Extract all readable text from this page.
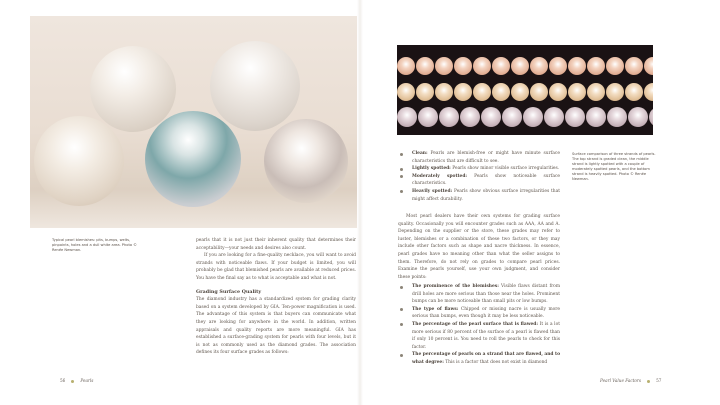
Typical pearl blemishes: pits, bumps, welts, pinpoints, holes and a dull white area. Photo © Renée Newman.

pearls that it is not just their inherent quality that determines their acceptability—your needs and desires also count.

If you are looking for a fine-quality necklace, you will want to avoid strands with noticeable flaws. If your budget is limited, you will probably be glad that blemished pearls are available at reduced prices. You have the final say as to what is acceptable and what is not.

Grading Surface Quality

The diamond industry has a standardized system for grading clarity based on a system developed by GIA. Ten-power magnification is used. The advantage of this system is that buyers can communicate what they are looking for anywhere in the world. In addition, written appraisals and quality reports are more meaningful. GIA has established a surface-grading system for pearls with four levels, but it is not as commonly used as the diamond grades. The association defines its four surface grades as follows:

56	Pearls
Surface comparison of three strands of pearls. The top strand is graded clean, the middle strand is lightly spotted with a couple of moderately spotted pearls, and the bottom strand is heavily spotted. Photo © Renée Newman.
Clean: Pearls are blemish-free or might have minute surface characteristics that are difficult to see.
Lightly spotted: Pearls show minor visible surface irregularities.
Moderately spotted: Pearls show noticeable surface characteristics.
Heavily spotted: Pearls show obvious surface irregularities that might affect durability.

Most pearl dealers have their own systems for grading surface quality. Occasionally you will encounter grades such as AAA, AA and A. Depending on the supplier or the store, these grades may refer to luster, blemishes or a combination of these two factors, or they may include other factors such as shape and nacre thickness. In essence, pearl grades have no meaning other than what the seller assigns to them. Therefore, do not rely on grades to compare pearl prices. Examine the pearls yourself, use your own judgment, and consider these points:

The prominence of the blemishes: Visible flaws distant from drill holes are more serious than those near the holes. Prominent bumps can be more noticeable than small pits or low bumps.
The type of flaws: Chipped or missing nacre is usually more serious than bumps, even though it may be less noticeable.
The percentage of the pearl surface that is flawed: It is a lot more serious if 80 percent of the surface of a pearl is flawed than if only 10 percent is. You need to roll the pearls to check for this factor.
The percentage of pearls on a strand that are flawed, and to what degree: This is a factor that does not exist in diamond
Pearl Value Factors	57
